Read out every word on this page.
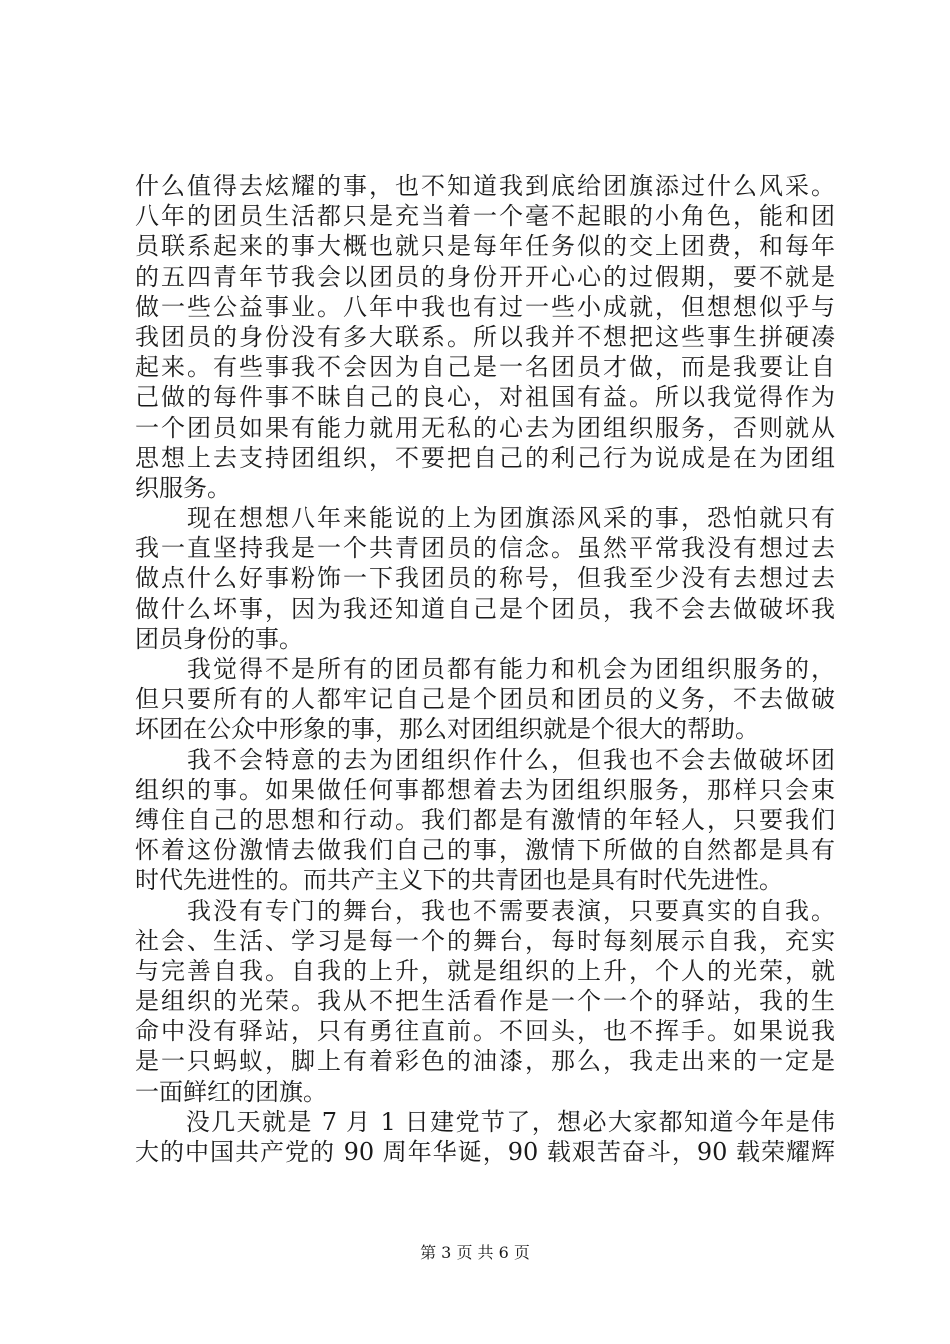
什么值得去炫耀的事，也不知道我到底给团旗添过什么风采。
八年的团员生活都只是充当着一个毫不起眼的小角色，能和团
员联系起来的事大概也就只是每年任务似的交上团费，和每年
的五四青年节我会以团员的身份开开心心的过假期，要不就是
做一些公益事业。八年中我也有过一些小成就，但想想似乎与
我团员的身份没有多大联系。所以我并不想把这些事生拼硬凑
起来。有些事我不会因为自己是一名团员才做，而是我要让自
己做的每件事不昧自己的良心，对祖国有益。所以我觉得作为
一个团员如果有能力就用无私的心去为团组织服务，否则就从
思想上去支持团组织，不要把自己的利己行为说成是在为团组
织服务。
　　现在想想八年来能说的上为团旗添风采的事，恐怕就只有
我一直坚持我是一个共青团员的信念。虽然平常我没有想过去
做点什么好事粉饰一下我团员的称号，但我至少没有去想过去
做什么坏事，因为我还知道自己是个团员，我不会去做破坏我
团员身份的事。
　　我觉得不是所有的团员都有能力和机会为团组织服务的，
但只要所有的人都牢记自己是个团员和团员的义务，不去做破
坏团在公众中形象的事，那么对团组织就是个很大的帮助。
　　我不会特意的去为团组织作什么，但我也不会去做破坏团
组织的事。如果做任何事都想着去为团组织服务，那样只会束
缚住自己的思想和行动。我们都是有激情的年轻人，只要我们
怀着这份激情去做我们自己的事，激情下所做的自然都是具有
时代先进性的。而共产主义下的共青团也是具有时代先进性。
　　我没有专门的舞台，我也不需要表演，只要真实的自我。
社会、生活、学习是每一个的舞台，每时每刻展示自我，充实
与完善自我。自我的上升，就是组织的上升，个人的光荣，就
是组织的光荣。我从不把生活看作是一个一个的驿站，我的生
命中没有驿站，只有勇往直前。不回头，也不挥手。如果说我
是一只蚂蚁，脚上有着彩色的油漆，那么，我走出来的一定是
一面鲜红的团旗。
　　没几天就是 7 月 1 日建党节了，想必大家都知道今年是伟
大的中国共产党的 90 周年华诞，90 载艰苦奋斗，90 载荣耀辉
第 3 页 共 6 页
